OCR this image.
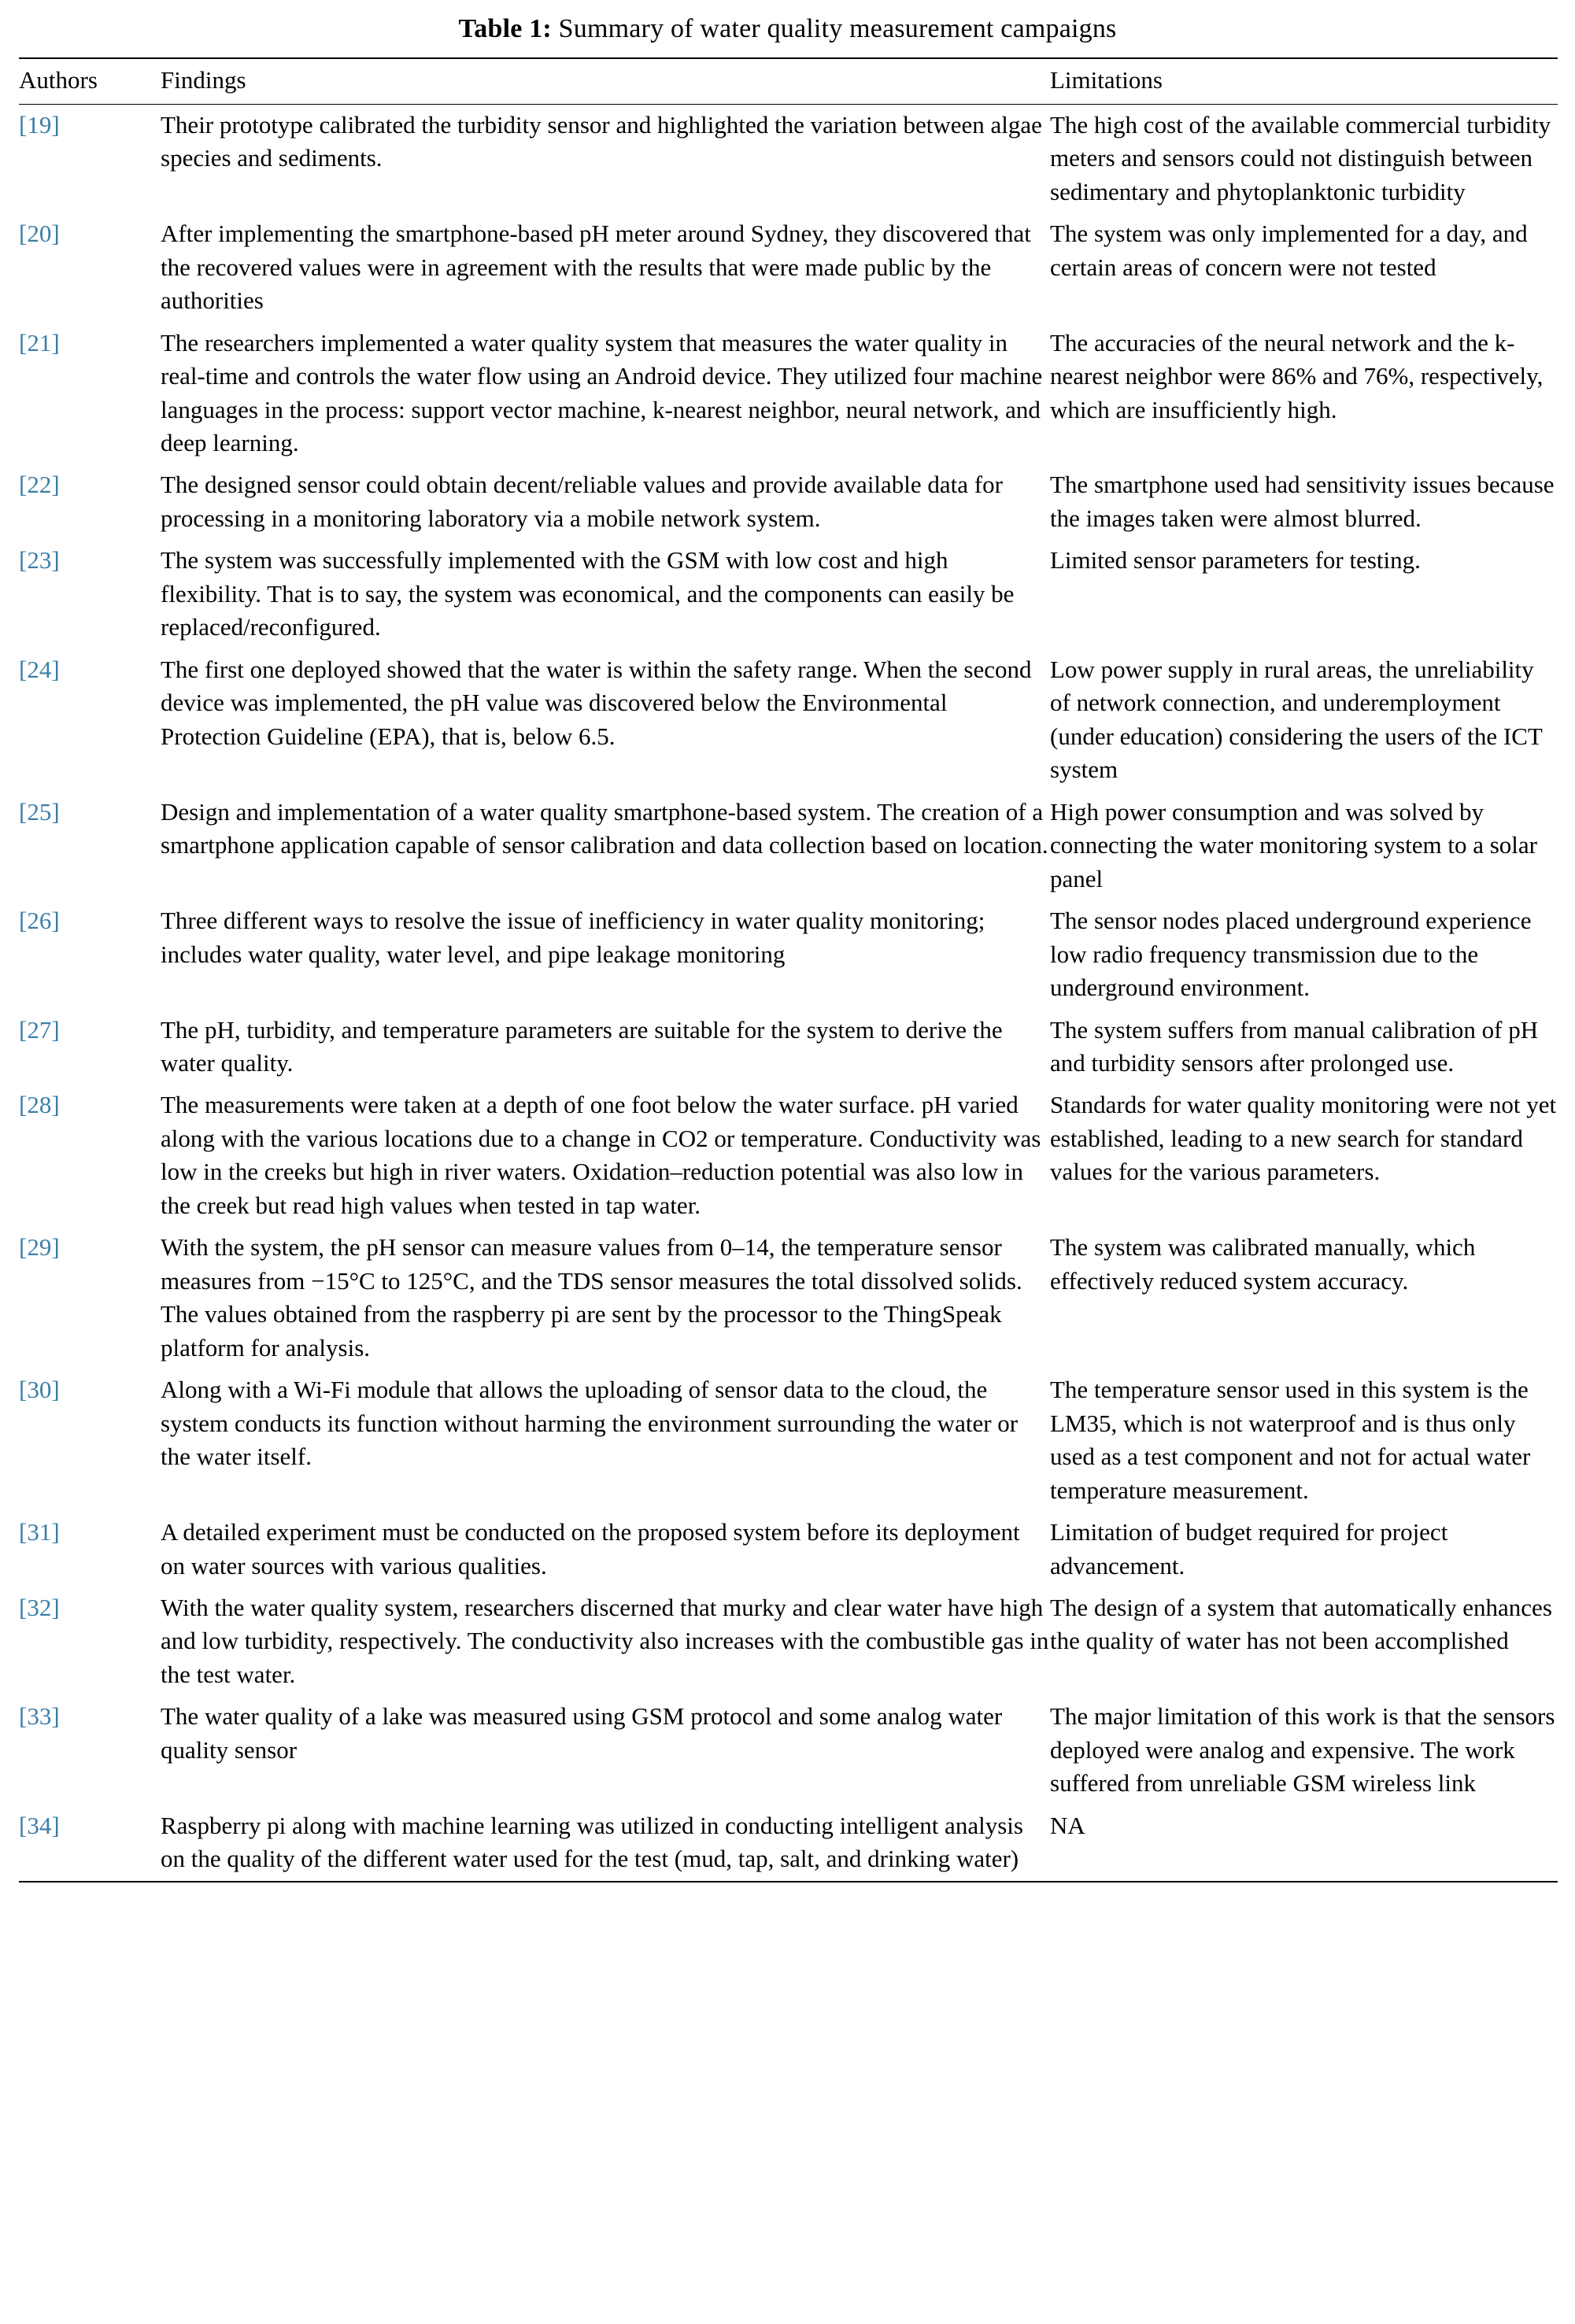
Table 1: Summary of water quality measurement campaigns
Authors	Findings	Limitations
[19]	Their prototype calibrated the turbidity sensor and highlighted the variation between algae species and sediments.	The high cost of the available commercial turbidity meters and sensors could not distinguish between sedimentary and phytoplanktonic turbidity
[20]	After implementing the smartphone-based pH meter around Sydney, they discovered that the recovered values were in agreement with the results that were made public by the authorities	The system was only implemented for a day, and certain areas of concern were not tested
[21]	The researchers implemented a water quality system that measures the water quality in real-time and controls the water flow using an Android device. They utilized four machine languages in the process: support vector machine, k-nearest neighbor, neural network, and deep learning.	The accuracies of the neural network and the k-nearest neighbor were 86% and 76%, respectively, which are insufficiently high.
[22]	The designed sensor could obtain decent/reliable values and provide available data for processing in a monitoring laboratory via a mobile network system.	The smartphone used had sensitivity issues because the images taken were almost blurred.
[23]	The system was successfully implemented with the GSM with low cost and high flexibility. That is to say, the system was economical, and the components can easily be replaced/reconfigured.	Limited sensor parameters for testing.
[24]	The first one deployed showed that the water is within the safety range. When the second device was implemented, the pH value was discovered below the Environmental Protection Guideline (EPA), that is, below 6.5.	Low power supply in rural areas, the unreliability of network connection, and underemployment (under education) considering the users of the ICT system
[25]	Design and implementation of a water quality smartphone-based system. The creation of a smartphone application capable of sensor calibration and data collection based on location.	High power consumption and was solved by connecting the water monitoring system to a solar panel
[26]	Three different ways to resolve the issue of inefficiency in water quality monitoring; includes water quality, water level, and pipe leakage monitoring	The sensor nodes placed underground experience low radio frequency transmission due to the underground environment.
[27]	The pH, turbidity, and temperature parameters are suitable for the system to derive the water quality.	The system suffers from manual calibration of pH and turbidity sensors after prolonged use.
[28]	The measurements were taken at a depth of one foot below the water surface. pH varied along with the various locations due to a change in CO2 or temperature. Conductivity was low in the creeks but high in river waters. Oxidation–reduction potential was also low in the creek but read high values when tested in tap water.	Standards for water quality monitoring were not yet established, leading to a new search for standard values for the various parameters.
[29]	With the system, the pH sensor can measure values from 0–14, the temperature sensor measures from −15°C to 125°C, and the TDS sensor measures the total dissolved solids. The values obtained from the raspberry pi are sent by the processor to the ThingSpeak platform for analysis.	The system was calibrated manually, which effectively reduced system accuracy.
[30]	Along with a Wi-Fi module that allows the uploading of sensor data to the cloud, the system conducts its function without harming the environment surrounding the water or the water itself.	The temperature sensor used in this system is the LM35, which is not waterproof and is thus only used as a test component and not for actual water temperature measurement.
[31]	A detailed experiment must be conducted on the proposed system before its deployment on water sources with various qualities.	Limitation of budget required for project advancement.
[32]	With the water quality system, researchers discerned that murky and clear water have high and low turbidity, respectively. The conductivity also increases with the combustible gas in the test water.	The design of a system that automatically enhances the quality of water has not been accomplished
[33]	The water quality of a lake was measured using GSM protocol and some analog water quality sensor	The major limitation of this work is that the sensors deployed were analog and expensive. The work suffered from unreliable GSM wireless link
[34]	Raspberry pi along with machine learning was utilized in conducting intelligent analysis on the quality of the different water used for the test (mud, tap, salt, and drinking water)	NA
